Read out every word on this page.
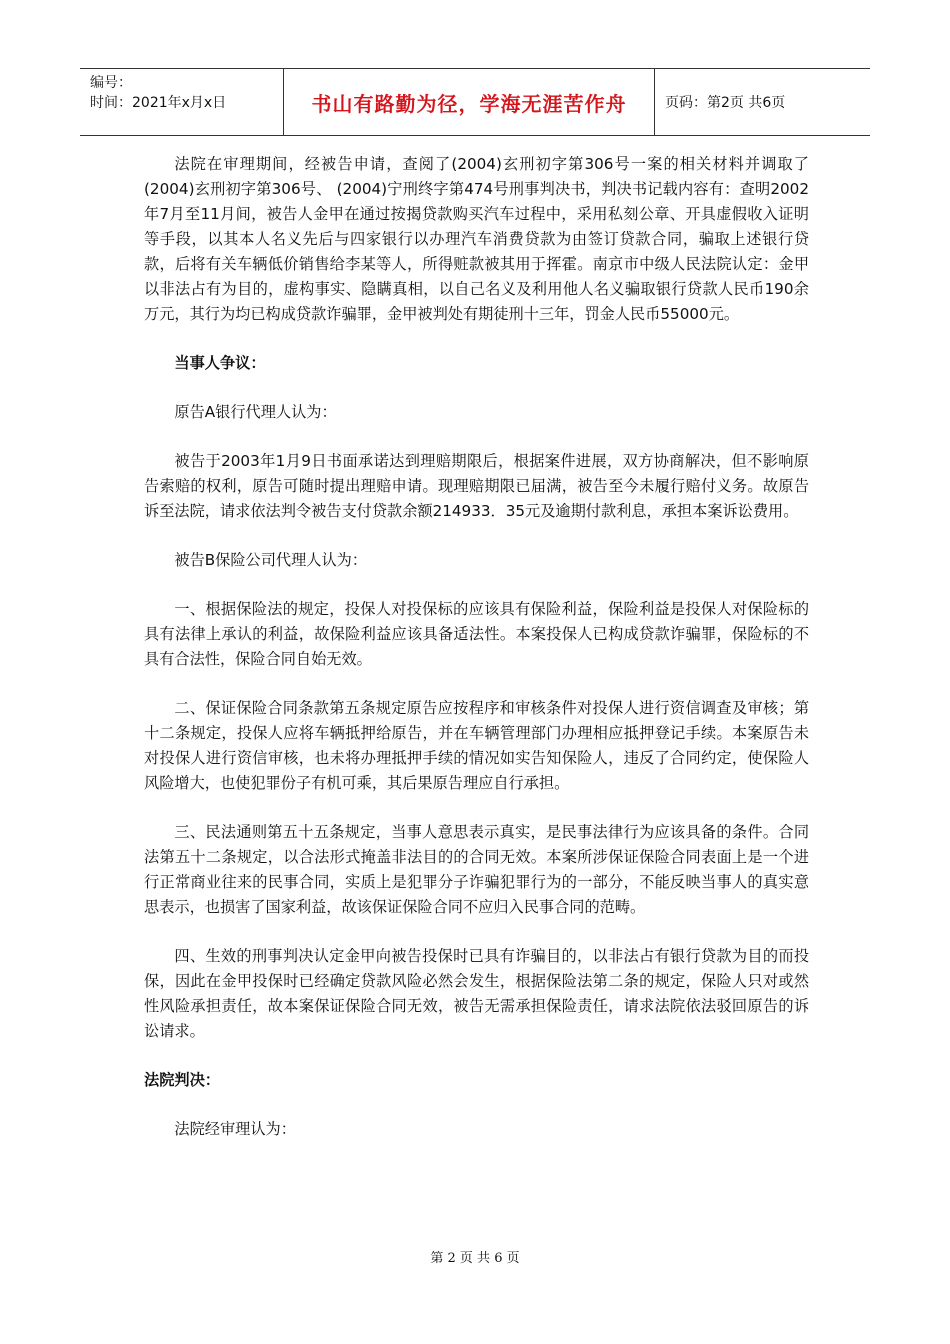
编号：
时间：2021年x月x日	书山有路勤为径，学海无涯苦作舟	页码：第2页 共6页

法院在审理期间，经被告申请，查阅了(2004)玄刑初字第306号一案的相关材料并调取了(2004)玄刑初字第306号、 (2004)宁刑终字第474号刑事判决书，判决书记载内容有：查明2002年7月至11月间，被告人金甲在通过按揭贷款购买汽车过程中，采用私刻公章、开具虚假收入证明等手段，以其本人名义先后与四家银行以办理汽车消费贷款为由签订贷款合同，骗取上述银行贷款，后将有关车辆低价销售给李某等人，所得赃款被其用于挥霍。南京市中级人民法院认定：金甲以非法占有为目的，虚构事实、隐瞒真相，以自己名义及利用他人名义骗取银行贷款人民币190余万元，其行为均已构成贷款诈骗罪，金甲被判处有期徒刑十三年，罚金人民币55000元。

当事人争议：

原告A银行代理人认为：

被告于2003年1月9日书面承诺达到理赔期限后，根据案件进展，双方协商解决，但不影响原告索赔的权利，原告可随时提出理赔申请。现理赔期限已届满，被告至今未履行赔付义务。故原告诉至法院，请求依法判令被告支付贷款余额214933．35元及逾期付款利息，承担本案诉讼费用。

被告B保险公司代理人认为：

一、根据保险法的规定，投保人对投保标的应该具有保险利益，保险利益是投保人对保险标的具有法律上承认的利益，故保险利益应该具备适法性。本案投保人已构成贷款诈骗罪，保险标的不具有合法性，保险合同自始无效。

二、保证保险合同条款第五条规定原告应按程序和审核条件对投保人进行资信调查及审核；第十二条规定，投保人应将车辆抵押给原告，并在车辆管理部门办理相应抵押登记手续。本案原告未对投保人进行资信审核，也未将办理抵押手续的情况如实告知保险人，违反了合同约定，使保险人风险增大，也使犯罪份子有机可乘，其后果原告理应自行承担。

三、民法通则第五十五条规定，当事人意思表示真实，是民事法律行为应该具备的条件。合同法第五十二条规定，以合法形式掩盖非法目的的合同无效。本案所涉保证保险合同表面上是一个进行正常商业往来的民事合同，实质上是犯罪分子诈骗犯罪行为的一部分，不能反映当事人的真实意思表示，也损害了国家利益，故该保证保险合同不应归入民事合同的范畴。

四、生效的刑事判决认定金甲向被告投保时已具有诈骗目的，以非法占有银行贷款为目的而投保，因此在金甲投保时已经确定贷款风险必然会发生，根据保险法第二条的规定，保险人只对或然性风险承担责任，故本案保证保险合同无效，被告无需承担保险责任，请求法院依法驳回原告的诉讼请求。

法院判决：

法院经审理认为：

第 2 页 共 6 页
